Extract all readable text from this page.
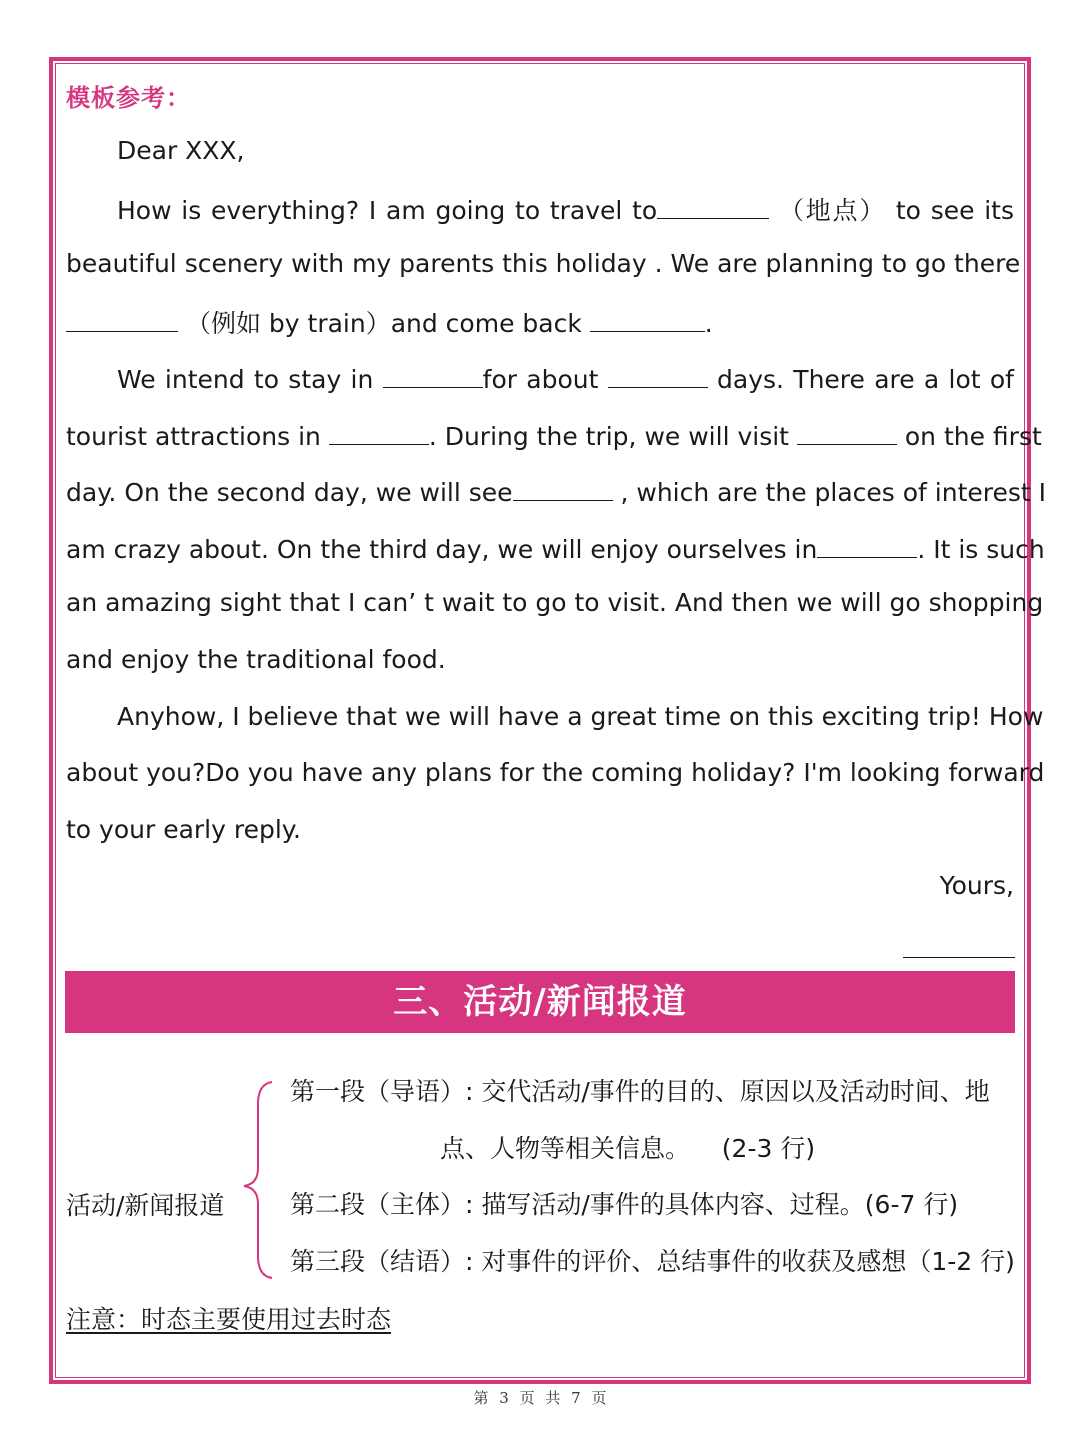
模板参考：
Dear XXX,
How is everything? I am going to travel to	（地点） to see its
beautiful scenery with my parents this holiday . We are planning to go there
（例如 by train）and come back	.
We intend to stay in	for about	days. There are a lot of
tourist attractions in	. During the trip, we will visit	on the first
day. On the second day, we will see	, which are the places of interest I
am crazy about. On the third day, we will enjoy ourselves in	. It is such
an amazing sight that I can’ t wait to go to visit. And then we will go shopping
and enjoy the traditional food.
Anyhow, I believe that we will have a great time on this exciting trip! How
about you?Do you have any plans for the coming holiday? I'm looking forward
to your early reply.
Yours,
三、活动/新闻报道
活动/新闻报道
第一段（导语）: 交代活动/事件的目的、原因以及活动时间、地
点、人物等相关信息。    (2-3 行)
第二段（主体）: 描写活动/事件的具体内容、过程。(6-7 行)
第三段（结语）: 对事件的评价、总结事件的收获及感想（1-2 行)
注意：时态主要使用过去时态
第 3 页 共 7 页
